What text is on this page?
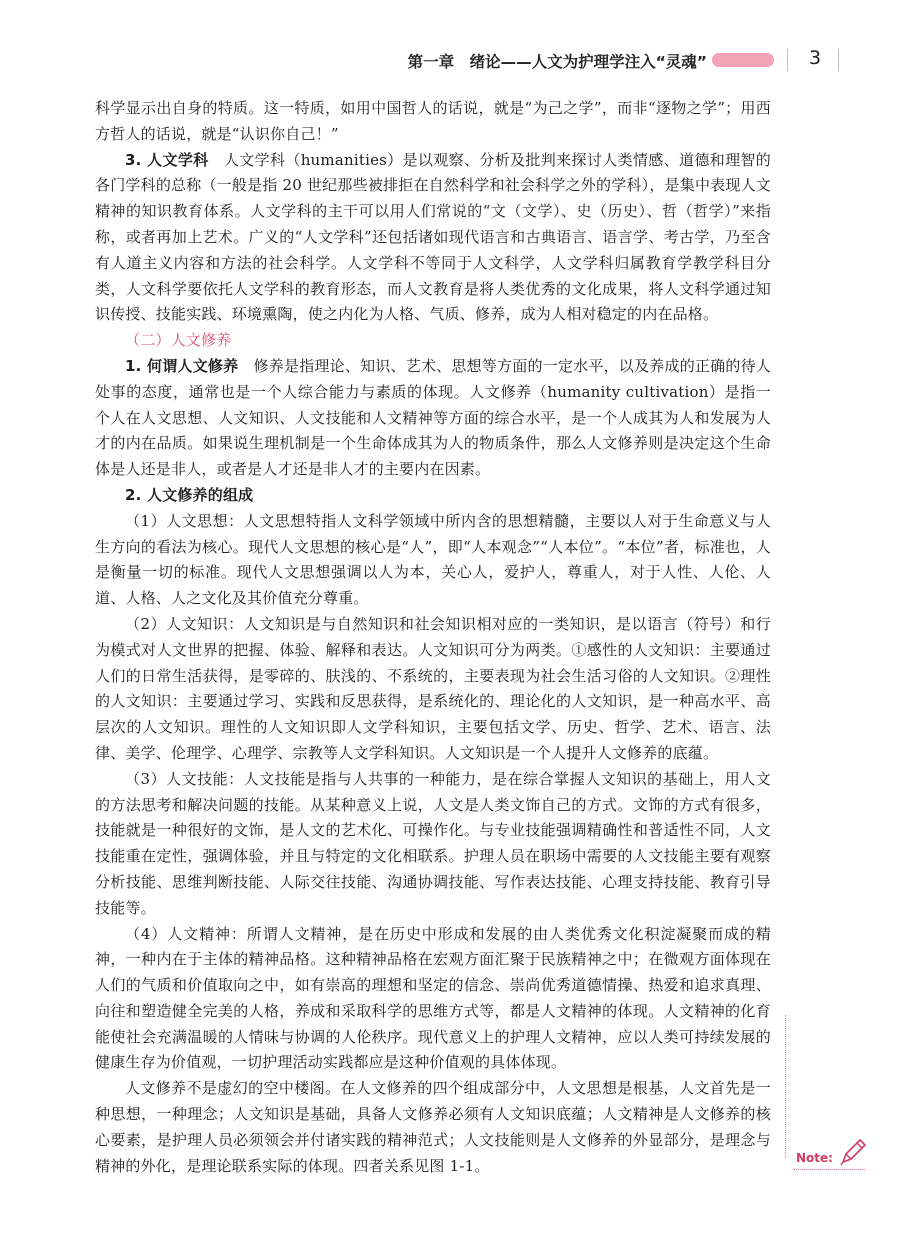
第一章　绪论——人文为护理学注入“灵魂”	3

科学显示出自身的特质。这一特质，如用中国哲人的话说，就是“为己之学”，而非“逐物之学”；用西方哲人的话说，就是“认识你自己！”

3. 人文学科　 人文学科（humanities）是以观察、分析及批判来探讨人类情感、道德和理智的各门学科的总称（一般是指 20 世纪那些被排拒在自然科学和社会科学之外的学科），是集中表现人文精神的知识教育体系。人文学科的主干可以用人们常说的“文（文学）、史（历史）、哲（哲学）”来指称，或者再加上艺术。广义的“人文学科”还包括诸如现代语言和古典语言、语言学、考古学，乃至含有人道主义内容和方法的社会科学。人文学科不等同于人文科学，人文学科归属教育学教学科目分类，人文科学要依托人文学科的教育形态，而人文教育是将人类优秀的文化成果，将人文科学通过知识传授、技能实践、环境熏陶，使之内化为人格、气质、修养，成为人相对稳定的内在品格。

（二）人文修养

1. 何谓人文修养　 修养是指理论、知识、艺术、思想等方面的一定水平，以及养成的正确的待人处事的态度，通常也是一个人综合能力与素质的体现。人文修养（humanity cultivation）是指一个人在人文思想、人文知识、人文技能和人文精神等方面的综合水平，是一个人成其为人和发展为人才的内在品质。如果说生理机制是一个生命体成其为人的物质条件，那么人文修养则是决定这个生命体是人还是非人，或者是人才还是非人才的主要内在因素。

2. 人文修养的组成

（1）人文思想：人文思想特指人文科学领域中所内含的思想精髓，主要以人对于生命意义与人生方向的看法为核心。现代人文思想的核心是“人”，即“人本观念”“人本位”。“本位”者，标准也，人是衡量一切的标准。现代人文思想强调以人为本，关心人，爱护人，尊重人，对于人性、人伦、人道、人格、人之文化及其价值充分尊重。

（2）人文知识：人文知识是与自然知识和社会知识相对应的一类知识，是以语言（符号）和行为模式对人文世界的把握、体验、解释和表达。人文知识可分为两类。①感性的人文知识：主要通过人们的日常生活获得，是零碎的、肤浅的、不系统的，主要表现为社会生活习俗的人文知识。②理性的人文知识：主要通过学习、实践和反思获得，是系统化的、理论化的人文知识，是一种高水平、高层次的人文知识。理性的人文知识即人文学科知识，主要包括文学、历史、哲学、艺术、语言、法律、美学、伦理学、心理学、宗教等人文学科知识。人文知识是一个人提升人文修养的底蕴。

（3）人文技能：人文技能是指与人共事的一种能力，是在综合掌握人文知识的基础上，用人文的方法思考和解决问题的技能。从某种意义上说，人文是人类文饰自己的方式。文饰的方式有很多，技能就是一种很好的文饰，是人文的艺术化、可操作化。与专业技能强调精确性和普适性不同，人文技能重在定性，强调体验，并且与特定的文化相联系。护理人员在职场中需要的人文技能主要有观察分析技能、思维判断技能、人际交往技能、沟通协调技能、写作表达技能、心理支持技能、教育引导技能等。

（4）人文精神：所谓人文精神，是在历史中形成和发展的由人类优秀文化积淀凝聚而成的精神，一种内在于主体的精神品格。这种精神品格在宏观方面汇聚于民族精神之中；在微观方面体现在人们的气质和价值取向之中，如有崇高的理想和坚定的信念、崇尚优秀道德情操、热爱和追求真理、向往和塑造健全完美的人格，养成和采取科学的思维方式等，都是人文精神的体现。人文精神的化育能使社会充满温暖的人情味与协调的人伦秩序。现代意义上的护理人文精神，应以人类可持续发展的健康生存为价值观，一切护理活动实践都应是这种价值观的具体体现。

人文修养不是虚幻的空中楼阁。在人文修养的四个组成部分中，人文思想是根基，人文首先是一种思想，一种理念；人文知识是基础，具备人文修养必须有人文知识底蕴；人文精神是人文修养的核心要素，是护理人员必须领会并付诸实践的精神范式；人文技能则是人文修养的外显部分，是理念与精神的外化，是理论联系实际的体现。四者关系见图 1-1。	Note:
